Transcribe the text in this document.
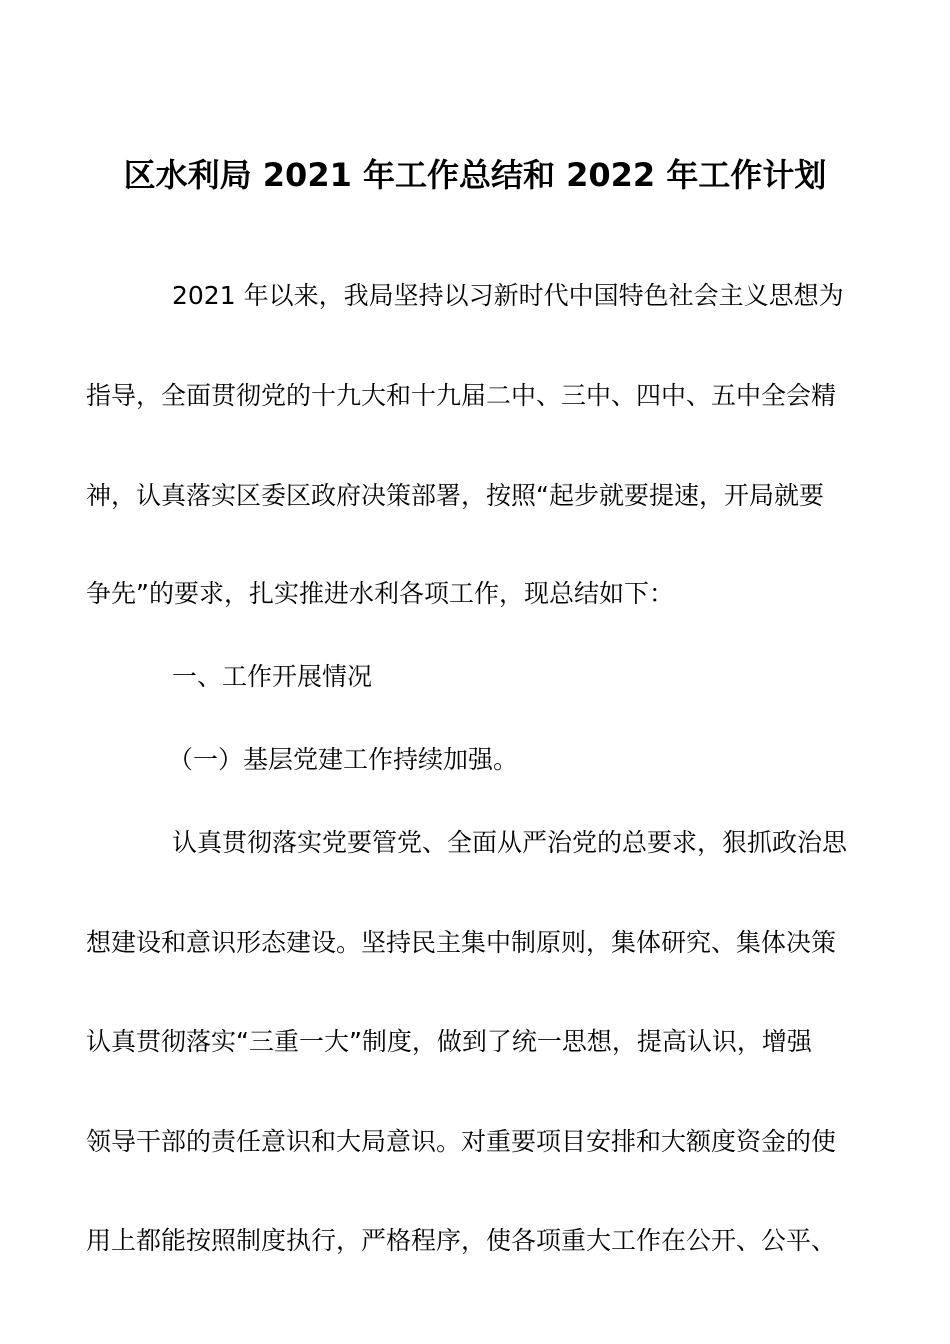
区水利局 2021 年工作总结和 2022 年工作计划
2021 年以来，我局坚持以习新时代中国特色社会主义思想为
指导，全面贯彻党的十九大和十九届二中、三中、四中、五中全会精
神，认真落实区委区政府决策部署，按照“起步就要提速，开局就要
争先”的要求，扎实推进水利各项工作，现总结如下：
一、工作开展情况
（一）基层党建工作持续加强。
认真贯彻落实党要管党、全面从严治党的总要求，狠抓政治思
想建设和意识形态建设。坚持民主集中制原则，集体研究、集体决策
认真贯彻落实“三重一大”制度，做到了统一思想，提高认识，增强
领导干部的责任意识和大局意识。对重要项目安排和大额度资金的使
用上都能按照制度执行，严格程序，使各项重大工作在公开、公平、
